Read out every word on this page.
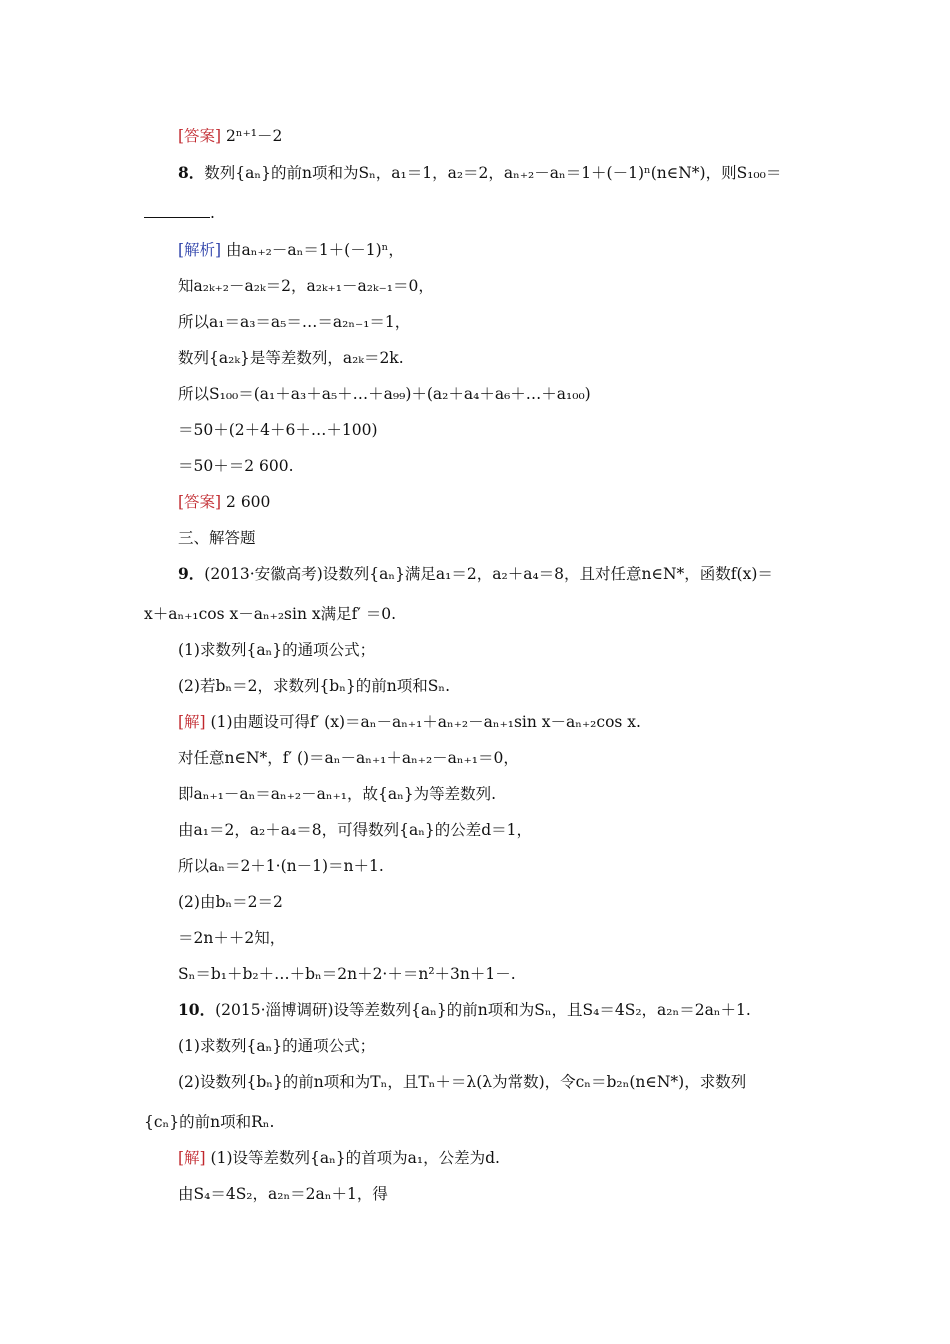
[答案] 2ⁿ⁺¹－2
8．数列{aₙ}的前n项和为Sₙ，a₁＝1，a₂＝2，aₙ₊₂－aₙ＝1＋(－1)ⁿ(n∈N*)，则S₁₀₀＝
.
[解析] 由aₙ₊₂－aₙ＝1＋(－1)ⁿ，
知a₂ₖ₊₂－a₂ₖ＝2，a₂ₖ₊₁－a₂ₖ₋₁＝0，
所以a₁＝a₃＝a₅＝…＝a₂ₙ₋₁＝1，
数列{a₂ₖ}是等差数列，a₂ₖ＝2k.
所以S₁₀₀＝(a₁＋a₃＋a₅＋…＋a₉₉)＋(a₂＋a₄＋a₆＋…＋a₁₀₀)
＝50＋(2＋4＋6＋…＋100)
＝50＋＝2 600.
[答案] 2 600
三、解答题
9．(2013·安徽高考)设数列{aₙ}满足a₁＝2，a₂＋a₄＝8，且对任意n∈N*，函数f(x)＝
x＋aₙ₊₁cos x－aₙ₊₂sin x满足f′ ＝0.
(1)求数列{aₙ}的通项公式；
(2)若bₙ＝2，求数列{bₙ}的前n项和Sₙ.
[解] (1)由题设可得f′ (x)＝aₙ－aₙ₊₁＋aₙ₊₂－aₙ₊₁sin x－aₙ₊₂cos x.
对任意n∈N*，f′ ()＝aₙ－aₙ₊₁＋aₙ₊₂－aₙ₊₁＝0，
即aₙ₊₁－aₙ＝aₙ₊₂－aₙ₊₁，故{aₙ}为等差数列.
由a₁＝2，a₂＋a₄＝8，可得数列{aₙ}的公差d＝1，
所以aₙ＝2＋1·(n－1)＝n＋1.
(2)由bₙ＝2＝2
＝2n＋＋2知，
Sₙ＝b₁＋b₂＋…＋bₙ＝2n＋2·＋＝n²＋3n＋1－.
10．(2015·淄博调研)设等差数列{aₙ}的前n项和为Sₙ，且S₄＝4S₂，a₂ₙ＝2aₙ＋1.
(1)求数列{aₙ}的通项公式；
(2)设数列{bₙ}的前n项和为Tₙ，且Tₙ＋＝λ(λ为常数)，令cₙ＝b₂ₙ(n∈N*)，求数列
{cₙ}的前n项和Rₙ.
[解] (1)设等差数列{aₙ}的首项为a₁，公差为d.
由S₄＝4S₂，a₂ₙ＝2aₙ＋1，得
